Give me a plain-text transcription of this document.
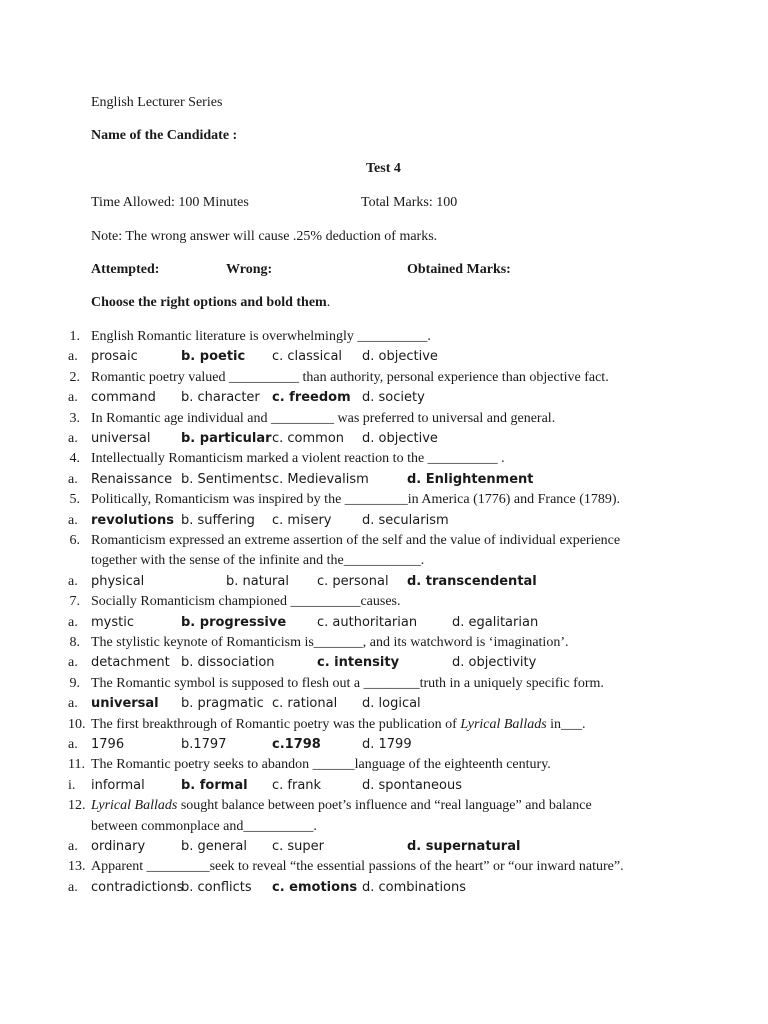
English Lecturer Series
Name of the Candidate :
Test 4
Time Allowed: 100 Minutes	Total Marks: 100
Note: The wrong answer will cause .25% deduction of marks.
Attempted:	Wrong:	Obtained Marks:
Choose the right options and bold them.
1. English Romantic literature is overwhelmingly __________.
a. prosaic	b. poetic c. classical d. objective
2. Romantic poetry valued __________ than authority, personal experience than objective fact.
a. command b. character c. freedom d. society
3. In Romantic age individual and _________ was preferred to universal and general.
a. universal b. particular c. common d. objective
4. Intellectually Romanticism marked a violent reaction to the __________ .
a. Renaissance b. Sentiments c. Medievalism	d. Enlightenment
5. Politically, Romanticism was inspired by the _________in America (1776) and France (1789).
a. revolutions b. suffering c. misery d. secularism
6. Romanticism expressed an extreme assertion of the self and the value of individual experience
together with the sense of the infinite and the___________.
a. physical	b. natural c. personal d. transcendental
7. Socially Romanticism championed __________causes.
a. mystic	b. progressive c. authoritarian	d. egalitarian
8. The stylistic keynote of Romanticism is_______, and its watchword is ‘imagination’.
a. detachment b. dissociation	c. intensity	d. objectivity
9. The Romantic symbol is supposed to flesh out a ________truth in a uniquely specific form.
a. universal b. pragmatic c. rational d. logical
10. The first breakthrough of Romantic poetry was the publication of Lyrical Ballads in___.
a. 1796	b.1797	c.1798	d. 1799
11. The Romantic poetry seeks to abandon ______language of the eighteenth century.
i. informal	b. formal c. frank	d. spontaneous
12. Lyrical Ballads sought balance between poet’s influence and “real language” and balance
between commonplace and__________.
a. ordinary	b. general c. super	d. supernatural
13. Apparent _________seek to reveal “the essential passions of the heart” or “our inward nature”.
a. contradictions
b. conflicts c. emotions d. combinations
